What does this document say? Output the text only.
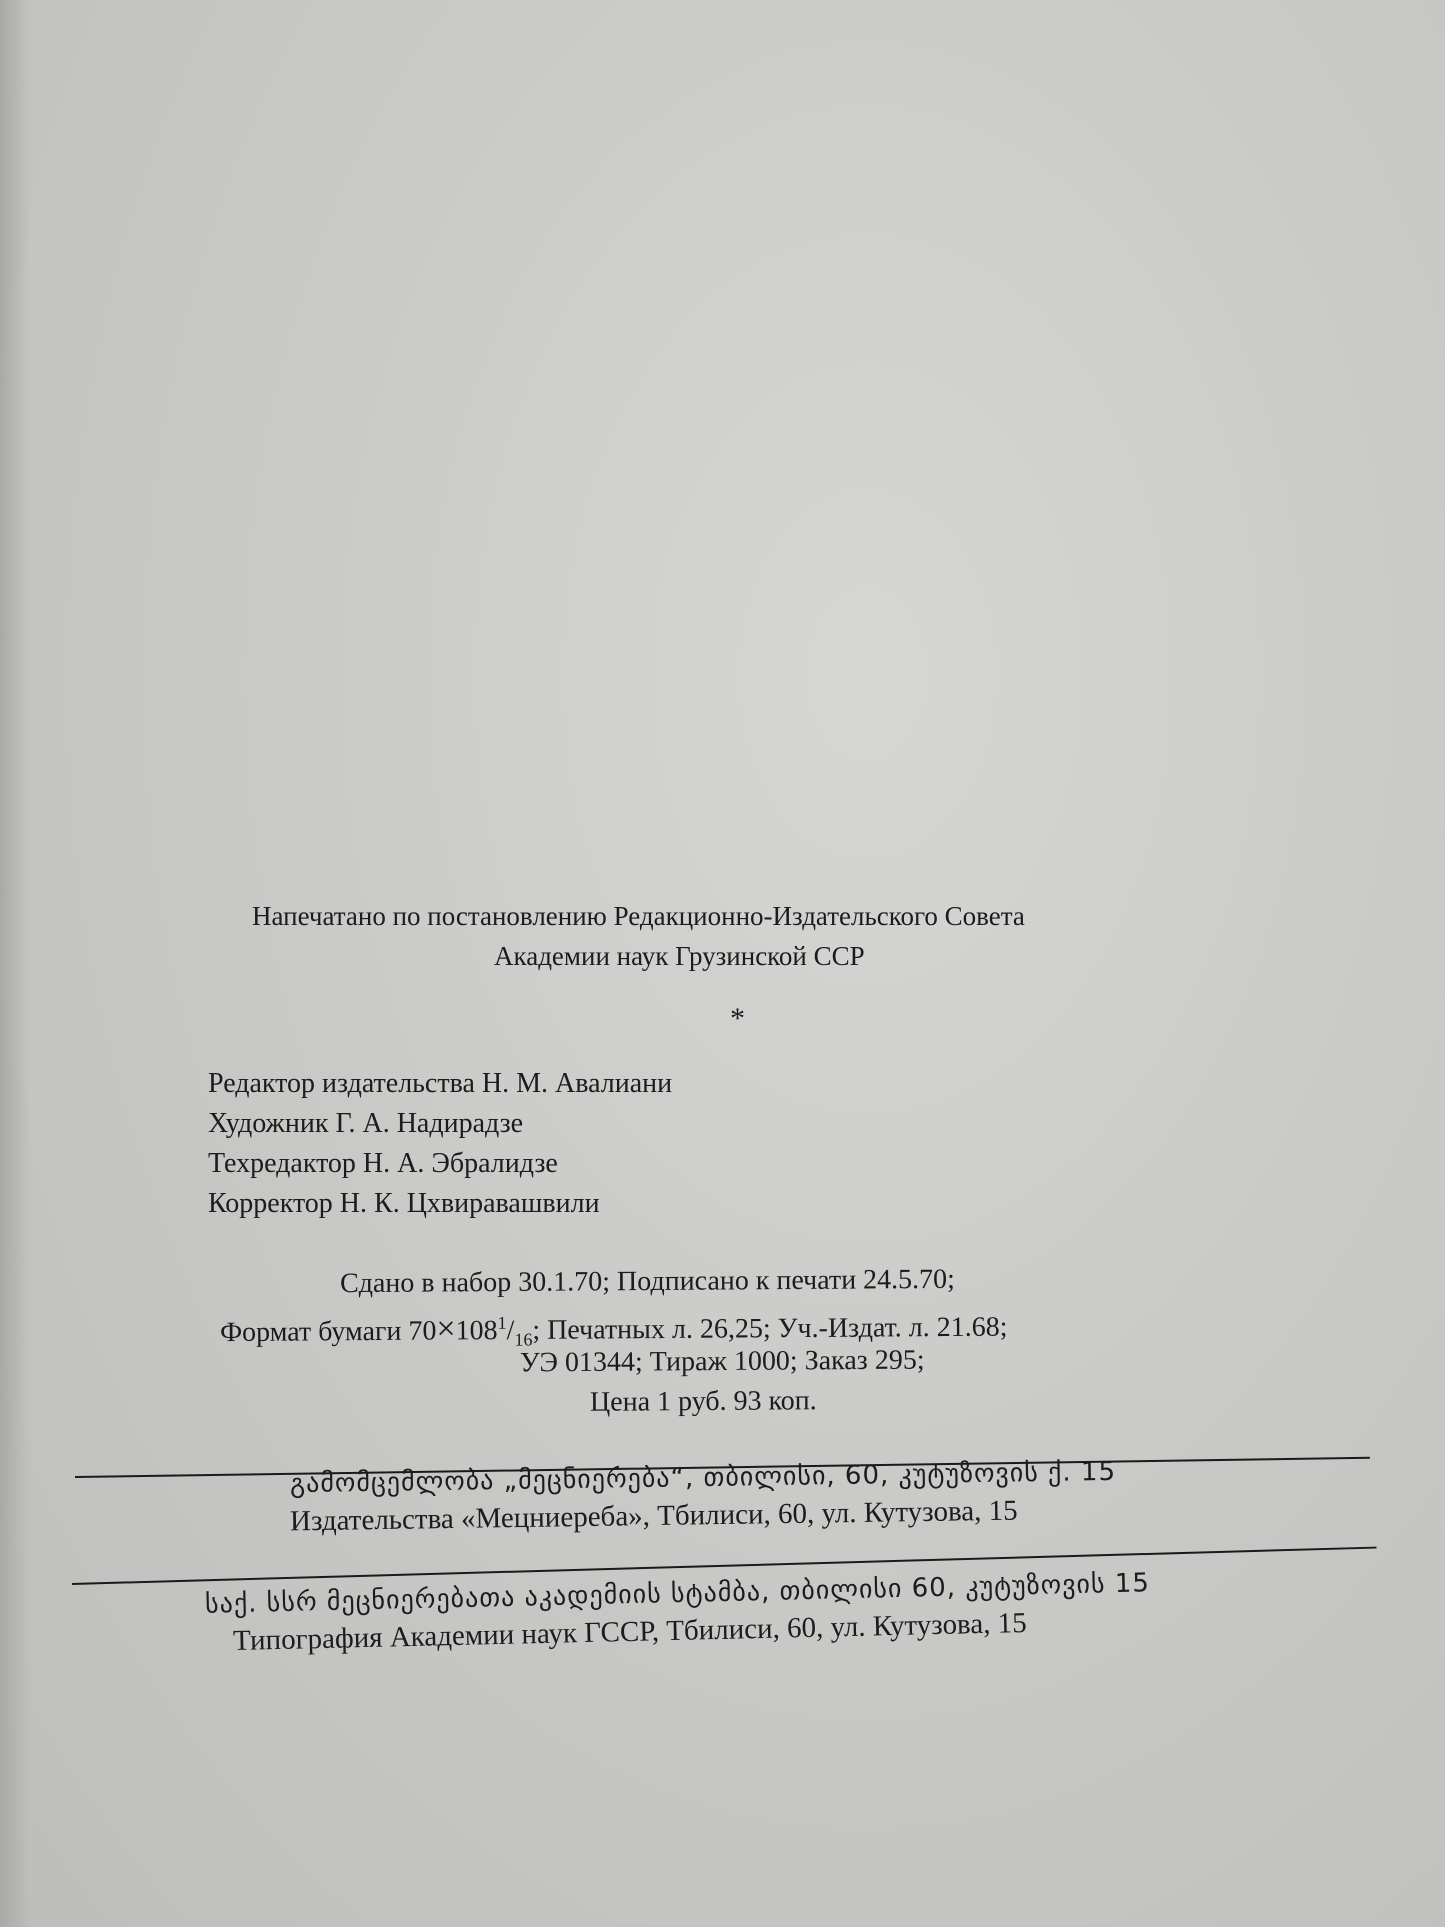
Напечатано по постановлению Редакционно-Издательского Совета
Академии наук Грузинской ССР
*
Редактор издательства Н. М. Авалиани
Художник Г. А. Надирадзе
Техредактор Н. А. Эбралидзе
Корректор Н. К. Цхвиравашвили
Сдано в набор 30.1.70; Подписано к печати 24.5.70;
Формат бумаги $70\times 108^1/_{16}$; Печатных л. 26,25; Уч.-Издат. л. 21.68;
УЭ 01344; Тираж 1000; Заказ 295;
Цена 1 руб. 93 коп.
გამომცემლობა „მეცნიერება“, თბილისი, 60, კუტუზოვის ქ. 15
Издательства «Мецниереба», Тбилиси, 60, ул. Кутузова, 15
საქ. სსრ მეცნიერებათა აკადემიის სტამბა, თბილისი 60, კუტუზოვის 15
Типография Академии наук ГССР, Тбилиси, 60, ул. Кутузова, 15
